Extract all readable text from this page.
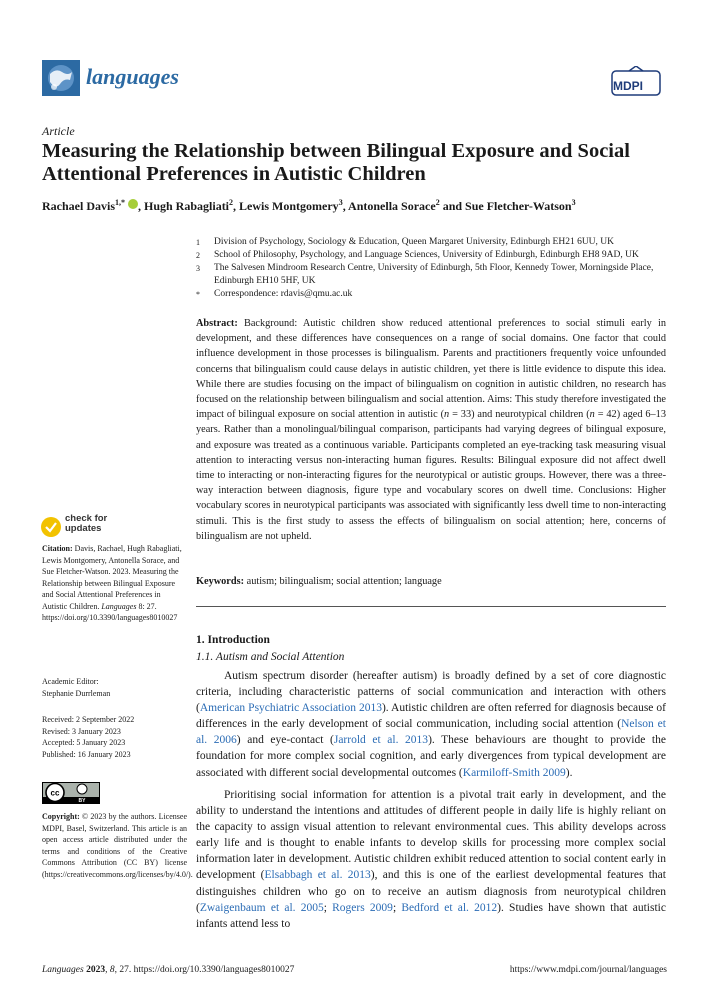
languages	MDPI
Article
Measuring the Relationship between Bilingual Exposure and Social Attentional Preferences in Autistic Children
Rachael Davis$^{1,*}$ , Hugh Rabagliati$^2$, Lewis Montgomery$^3$, Antonella Sorace$^2$ and Sue Fletcher-Watson$^3$
1 Division of Psychology, Sociology & Education, Queen Margaret University, Edinburgh EH21 6UU, UK
2 School of Philosophy, Psychology, and Language Sciences, University of Edinburgh, Edinburgh EH8 9AD, UK
3 The Salvesen Mindroom Research Centre, University of Edinburgh, 5th Floor, Kennedy Tower, Morningside Place, Edinburgh EH10 5HF, UK
* Correspondence: rdavis@qmu.ac.uk
Abstract: Background: Autistic children show reduced attentional preferences to social stimuli early in development, and these differences have consequences on a range of social domains. One factor that could influence development in those processes is bilingualism. Parents and practitioners frequently voice unfounded concerns that bilingualism could cause delays in autistic children, yet there is little evidence to dispute this idea. While there are studies focusing on the impact of bilingualism on cognition in autistic children, no research has focused on the relationship between bilingualism and social attention. Aims: This study therefore investigated the impact of bilingual exposure on social attention in autistic (n = 33) and neurotypical children (n = 42) aged 6–13 years. Rather than a monolingual/bilingual comparison, participants had varying degrees of bilingual exposure, and exposure was treated as a continuous variable. Participants completed an eye-tracking task measuring visual attention to interacting versus non-interacting human figures. Results: Bilingual exposure did not affect dwell time to interacting or non-interacting figures for the neurotypical or autistic groups. However, there was a three-way interaction between diagnosis, figure type and vocabulary scores on dwell time. Conclusions: Higher vocabulary scores in neurotypical participants was associated with significantly less dwell time to non-interacting stimuli. This is the first study to assess the effects of bilingualism on social attention; here, concerns of bilingualism are not upheld.
Keywords: autism; bilingualism; social attention; language
check for
updates
Citation: Davis, Rachael, Hugh Rabagliati, Lewis Montgomery, Antonella Sorace, and Sue Fletcher-Watson. 2023. Measuring the Relationship between Bilingual Exposure and Social Attentional Preferences in Autistic Children. Languages 8: 27. https://doi.org/10.3390/languages8010027
Academic Editor:
Stephanie Durrleman
Received: 2 September 2022
Revised: 3 January 2023
Accepted: 5 January 2023
Published: 16 January 2023
cc
BY
Copyright: © 2023 by the authors. Licensee MDPI, Basel, Switzerland. This article is an open access article distributed under the terms and conditions of the Creative Commons Attribution (CC BY) license (https://creativecommons.org/licenses/by/4.0/).
1. Introduction
1.1. Autism and Social Attention
Autism spectrum disorder (hereafter autism) is broadly defined by a set of core diagnostic criteria, including characteristic patterns of social communication and interaction with others (American Psychiatric Association 2013). Autistic children are often referred for diagnosis because of differences in the early development of social communication, including social attention (Nelson et al. 2006) and eye-contact (Jarrold et al. 2013). These behaviours are thought to provide the foundation for more complex social cognition, and early divergences from typical development are associated with different social developmental outcomes (Karmiloff-Smith 2009).
Prioritising social information for attention is a pivotal trait early in development, and the ability to understand the intentions and attitudes of different people in daily life is highly reliant on the capacity to assign visual attention to relevant environmental cues. This ability develops across early life and is thought to enable infants to develop skills for processing more complex social information later in development. Autistic children exhibit reduced attention to social content early in development (Elsabbagh et al. 2013), and this is one of the earliest developmental features that distinguishes children who go on to receive an autism diagnosis from neurotypical children (Zwaigenbaum et al. 2005; Rogers 2009; Bedford et al. 2012). Studies have shown that autistic infants attend less to
Languages 2023, 8, 27. https://doi.org/10.3390/languages8010027	https://www.mdpi.com/journal/languages
